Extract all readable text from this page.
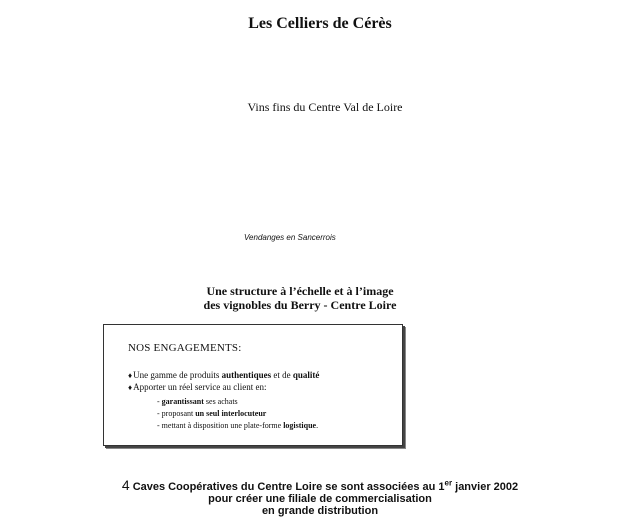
Les Celliers de Cérès
Vins fins du Centre Val de Loire
Vendanges en Sancerrois
Une structure à l’échelle et à l’image
des vignobles du Berry - Centre Loire
NOS ENGAGEMENTS:
♦Une gamme de produits authentiques et de qualité
♦Apporter un réel service au client en:
- garantissant ses achats
- proposant un seul interlocuteur
- mettant à disposition une plate-forme logistique.
4 Caves Coopératives du Centre Loire se sont associées au 1er janvier 2002
pour créer une filiale de commercialisation
en grande distribution
